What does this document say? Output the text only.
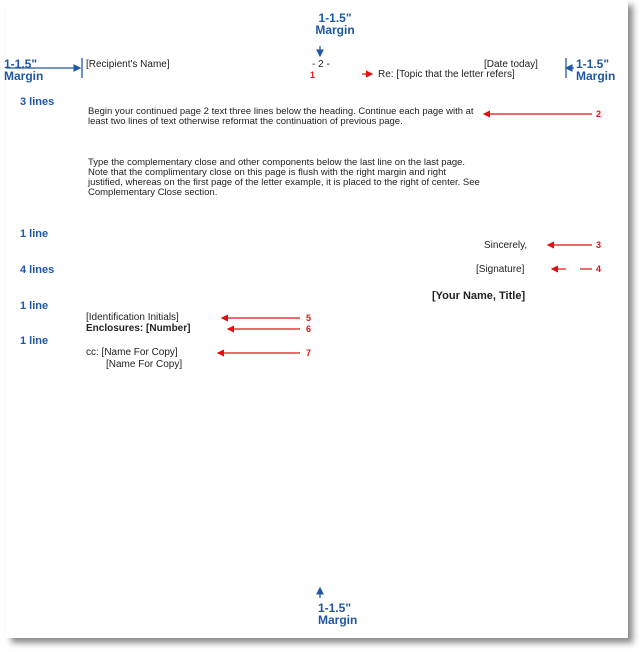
1-1.5"
Margin
1-1.5"
Margin
1-1.5"
Margin
1-1.5"
Margin
[Recipient's Name]	- 2 -	[Date today]
1	Re: [Topic that the letter refers]
3 lines
1 line
4 lines
1 line
1 line
Begin your continued page 2 text three lines below the heading. Continue each page with at least two lines of text otherwise reformat the continuation of previous page.
2
Type the complementary close and other components below the last line on the last page. Note that the complimentary close on this page is flush with the right margin and right justified, whereas on the first page of the letter example, it is placed to the right of center. See Complementary Close section.
Sincerely,	3
[Signature]	4
[Your Name, Title]
[Identification Initials]	5
Enclosures: [Number]	6
cc: [Name For Copy]	7
[Name For Copy]
